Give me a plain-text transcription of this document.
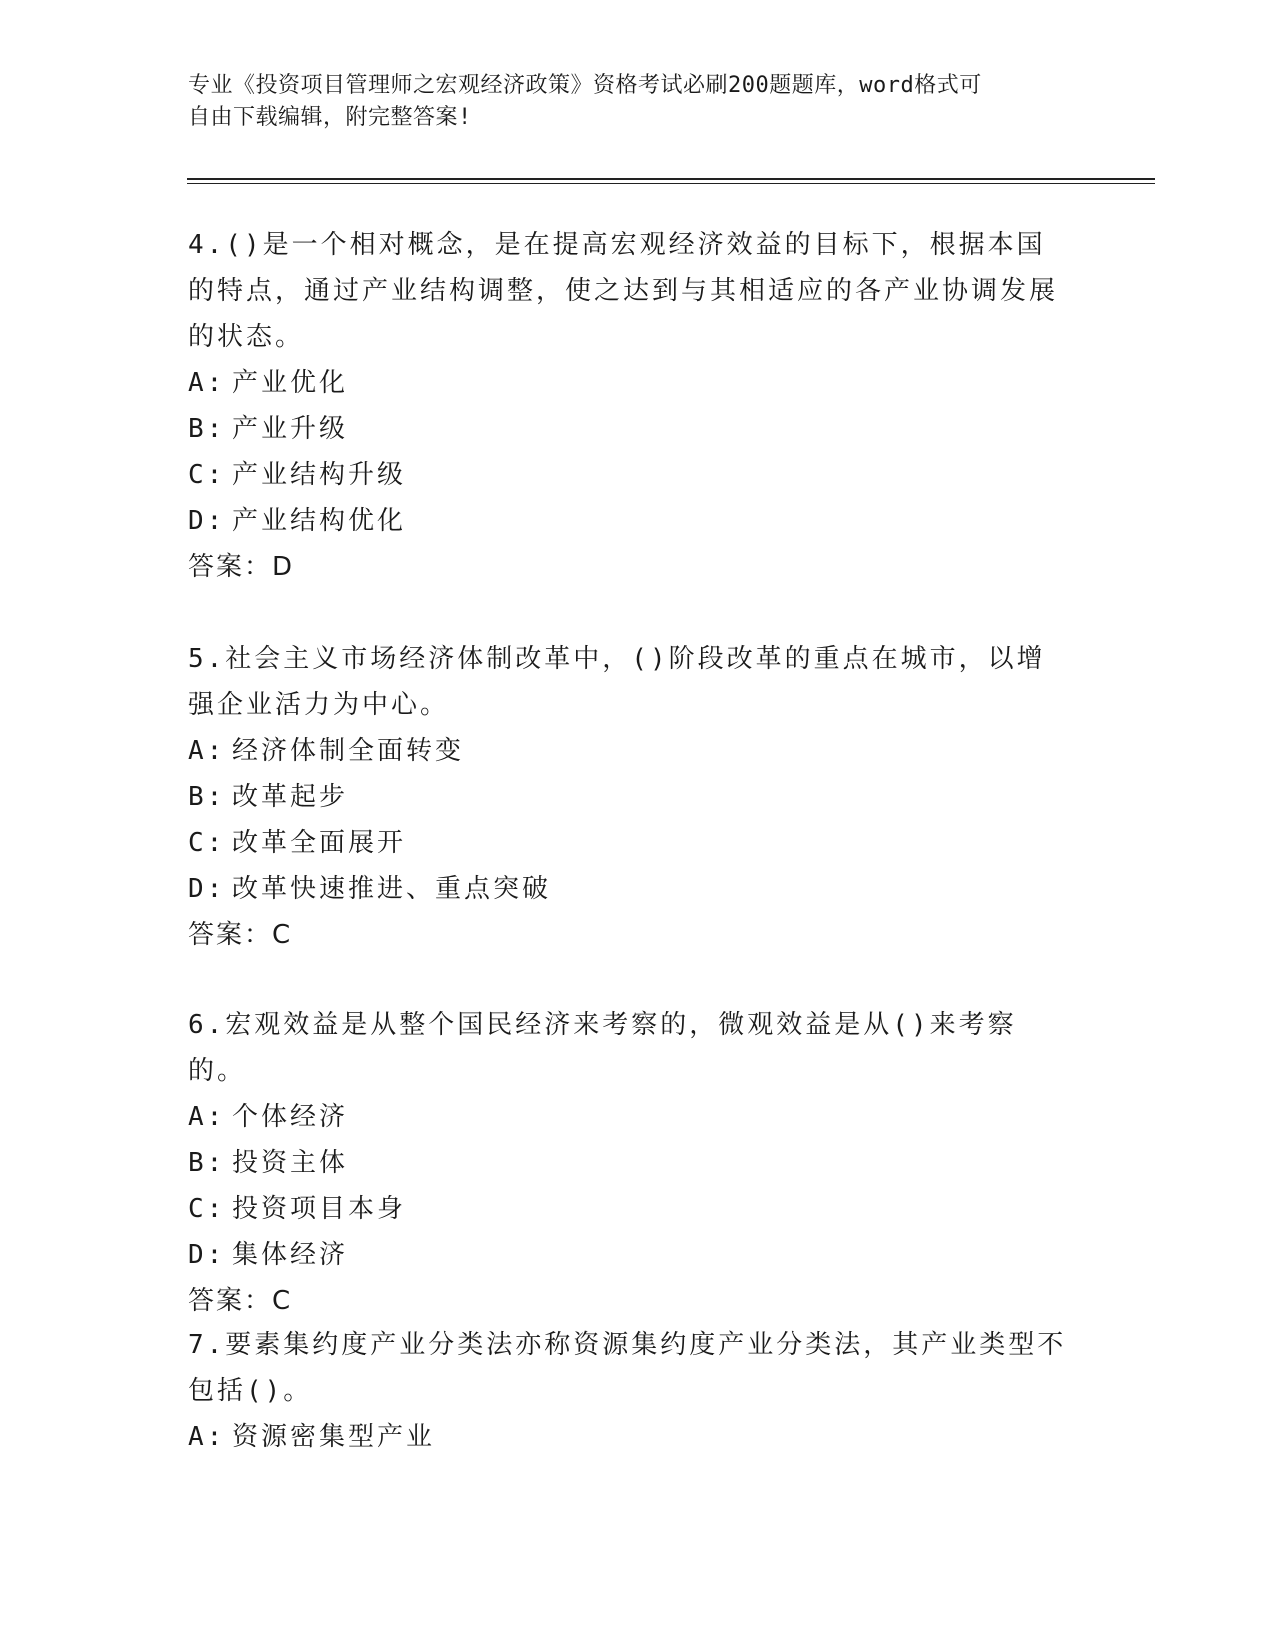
专业《投资项目管理师之宏观经济政策》资格考试必刷200题题库，word格式可
自由下载编辑，附完整答案!

4.()是一个相对概念，是在提高宏观经济效益的目标下，根据本国的特点，通过产业结构调整，使之达到与其相适应的各产业协调发展的状态。

A: 产业优化

B: 产业升级

C: 产业结构升级

D: 产业结构优化

答案：D

5.社会主义市场经济体制改革中，()阶段改革的重点在城市，以增强企业活力为中心。

A: 经济体制全面转变

B: 改革起步

C: 改革全面展开

D: 改革快速推进、重点突破

答案：C

6.宏观效益是从整个国民经济来考察的，微观效益是从()来考察的。

A: 个体经济

B: 投资主体

C: 投资项目本身

D: 集体经济

答案：C

7.要素集约度产业分类法亦称资源集约度产业分类法，其产业类型不包括()。

A: 资源密集型产业
